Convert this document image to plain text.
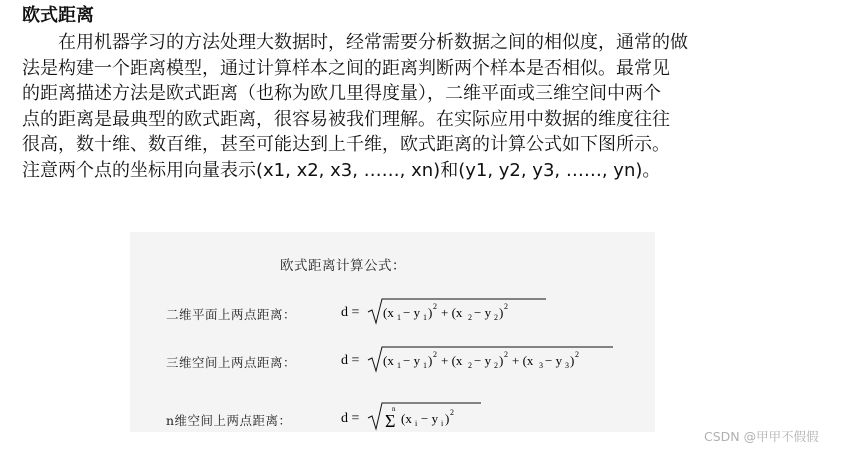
欧式距离
在用机器学习的方法处理大数据时，经常需要分析数据之间的相似度，通常的做
法是构建一个距离模型，通过计算样本之间的距离判断两个样本是否相似。最常见
的距离描述方法是欧式距离（也称为欧几里得度量），二维平面或三维空间中两个
点的距离是最典型的欧式距离，很容易被我们理解。在实际应用中数据的维度往往
很高，数十维、数百维，甚至可能达到上千维，欧式距离的计算公式如下图所示。
注意两个点的坐标用向量表示(x1, x2, x3, ……, xn)和(y1, y2, y3, ……, yn)。
欧式距离计算公式：
二维平面上两点距离：	d = (x 1 − y 1 ) 2 + (x 2 − y 2 ) 2
三维空间上两点距离：	d = (x 1 − y 1 ) 2 + (x 2 − y 2 ) 2 + (x 3 − y 3 ) 2
n维空间上两点距离：	d =
n
Σ (x i − y i ) 2
CSDN @甲甲不假假
